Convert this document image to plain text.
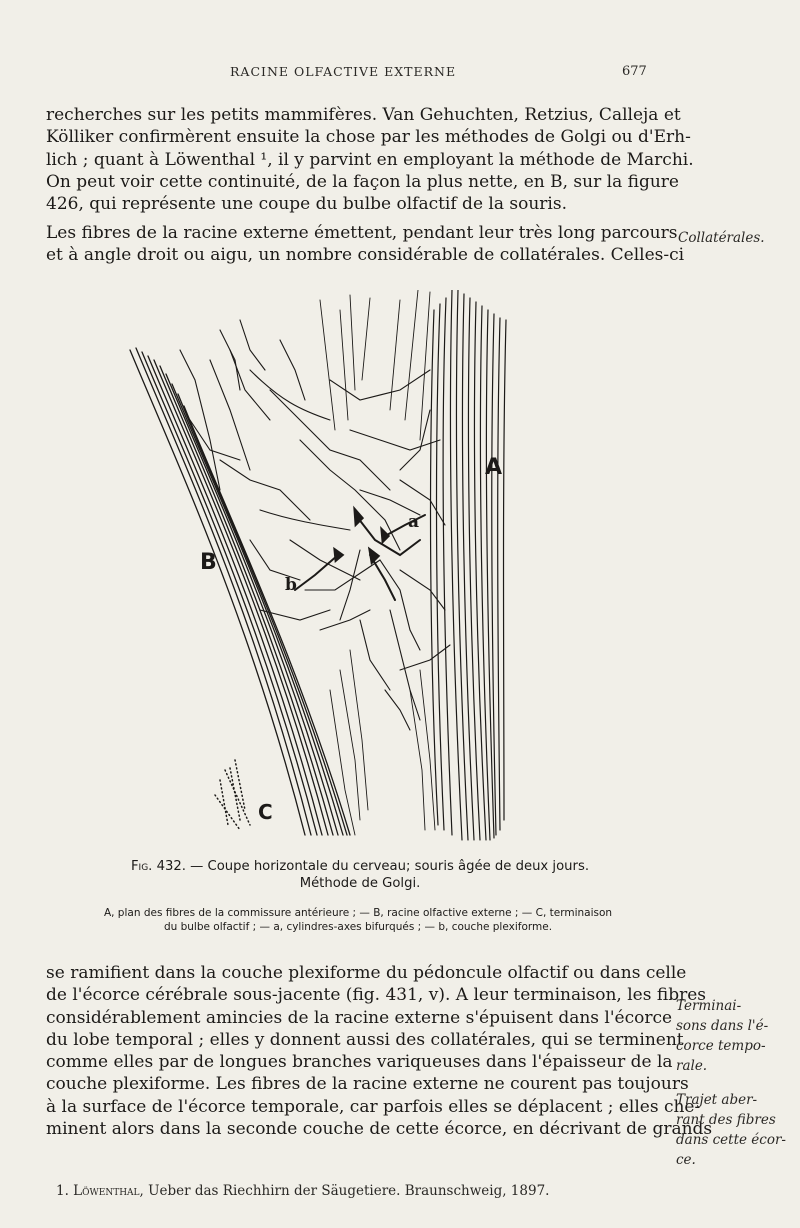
RACINE OLFACTIVE EXTERNE	677
recherches sur les petits mammifères. Van Gehuchten, Retzius, Calleja et
Kölliker confirmèrent ensuite la chose par les méthodes de Golgi ou d'Erh-
lich ; quant à Löwenthal ¹, il y parvint en employant la méthode de Marchi.
On peut voir cette continuité, de la façon la plus nette, en B, sur la figure
426, qui représente une coupe du bulbe olfactif de la souris.
Les fibres de la racine externe émettent, pendant leur très long parcours
et à angle droit ou aigu, un nombre considérable de collatérales. Celles-ci
Collatérales.
A
B
C
a
b
Fig. 432. — Coupe horizontale du cerveau; souris âgée de deux jours.
Méthode de Golgi.
A, plan des fibres de la commissure antérieure ; — B, racine olfactive externe ; — C, terminaison
du bulbe olfactif ; — a, cylindres-axes bifurqués ; — b, couche plexiforme.
se ramifient dans la couche plexiforme du pédoncule olfactif ou dans celle
de l'écorce cérébrale sous-jacente (fig. 431, v). A leur terminaison, les fibres
considérablement amincies de la racine externe s'épuisent dans l'écorce
du lobe temporal ; elles y donnent aussi des collatérales, qui se terminent
comme elles par de longues branches variqueuses dans l'épaisseur de la
couche plexiforme. Les fibres de la racine externe ne courent pas toujours
à la surface de l'écorce temporale, car parfois elles se déplacent ; elles che-
minent alors dans la seconde couche de cette écorce, en décrivant de grands
Terminai-
sons dans l'é-
corce tempo-
rale.
Trajet aber-
rant des fibres
dans cette écor-
ce.
1. Löwenthal, Ueber das Riechhirn der Säugetiere. Braunschweig, 1897.
